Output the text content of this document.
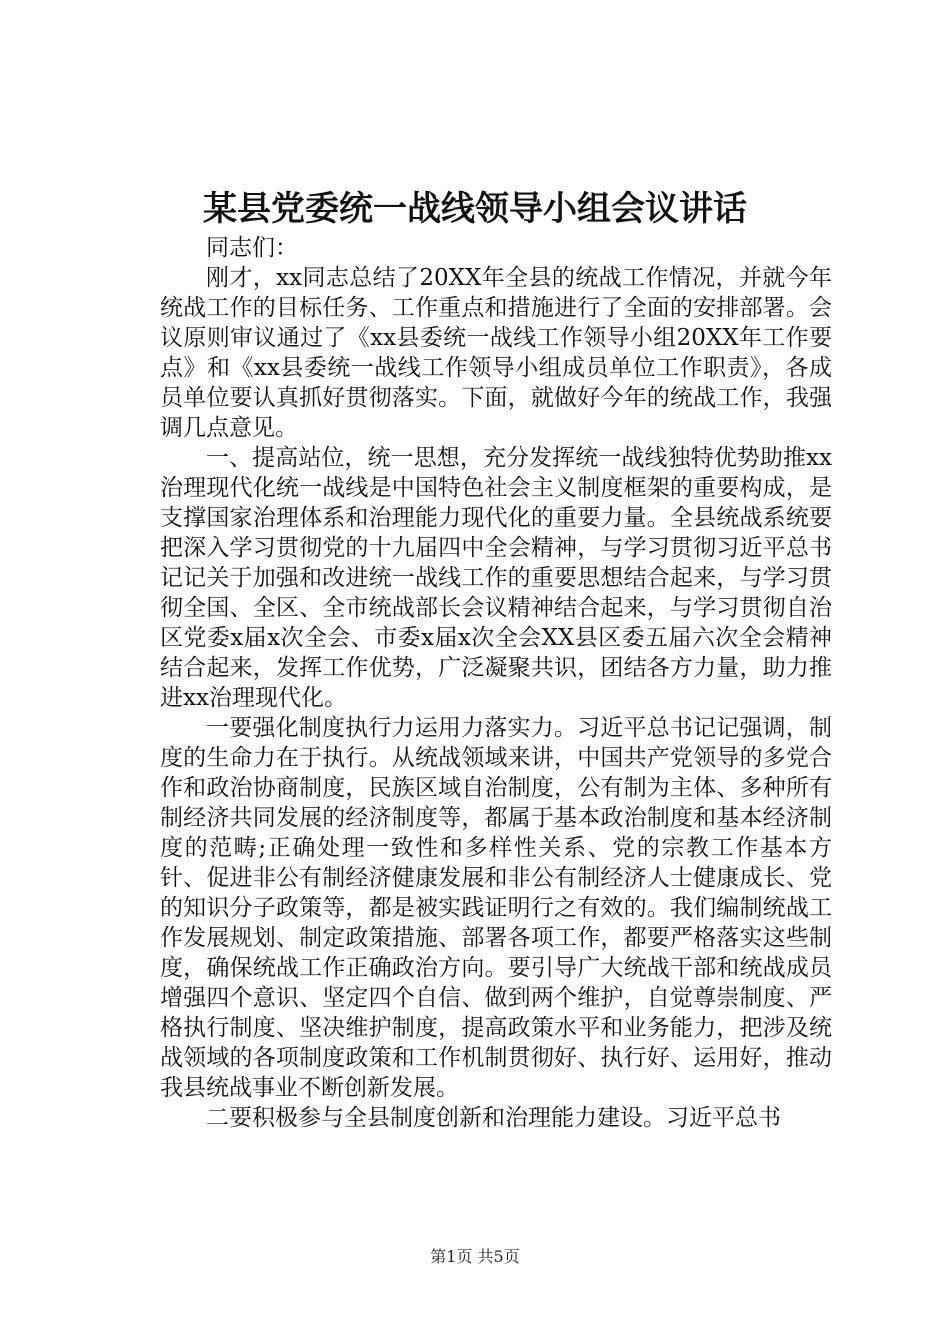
某县党委统一战线领导小组会议讲话

同志们：

刚才，xx同志总结了20XX年全县的统战工作情况，并就今年统战工作的目标任务、工作重点和措施进行了全面的安排部署。会议原则审议通过了《xx县委统一战线工作领导小组20XX年工作要点》和《xx县委统一战线工作领导小组成员单位工作职责》，各成员单位要认真抓好贯彻落实。下面，就做好今年的统战工作，我强调几点意见。

一、提高站位，统一思想，充分发挥统一战线独特优势助推xx治理现代化统一战线是中国特色社会主义制度框架的重要构成，是支撑国家治理体系和治理能力现代化的重要力量。全县统战系统要把深入学习贯彻党的十九届四中全会精神，与学习贯彻习近平总书记记关于加强和改进统一战线工作的重要思想结合起来，与学习贯彻全国、全区、全市统战部长会议精神结合起来，与学习贯彻自治区党委x届x次全会、市委x届x次全会XX县区委五届六次全会精神结合起来，发挥工作优势，广泛凝聚共识，团结各方力量，助力推进xx治理现代化。

一要强化制度执行力运用力落实力。习近平总书记记强调，制度的生命力在于执行。从统战领域来讲，中国共产党领导的多党合作和政治协商制度，民族区域自治制度，公有制为主体、多种所有制经济共同发展的经济制度等，都属于基本政治制度和基本经济制度的范畴;正确处理一致性和多样性关系、党的宗教工作基本方针、促进非公有制经济健康发展和非公有制经济人士健康成长、党的知识分子政策等，都是被实践证明行之有效的。我们编制统战工作发展规划、制定政策措施、部署各项工作，都要严格落实这些制度，确保统战工作正确政治方向。要引导广大统战干部和统战成员增强四个意识、坚定四个自信、做到两个维护，自觉尊崇制度、严格执行制度、坚决维护制度，提高政策水平和业务能力，把涉及统战领域的各项制度政策和工作机制贯彻好、执行好、运用好，推动我县统战事业不断创新发展。

二要积极参与全县制度创新和治理能力建设。习近平总书

第1页 共5页
